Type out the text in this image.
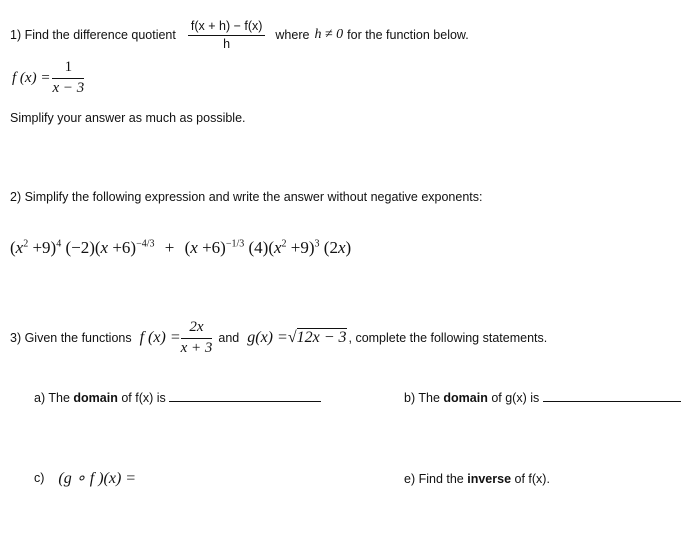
1) Find the difference quotient $\frac{f(x + h) - f(x)}{h}$ where h ≠ 0 for the function below.
f $(x) = \frac{1}{x - 3}$
Simplify your answer as much as possible.
2) Simplify the following expression and write the answer without negative exponents:
$(x^2 +9)^4$ $(-2)(x +6)^{-4/3} + (x +6)^{-1/3}$ $(4)(x^2 +9)^3$ (2x)
3) Given the functions f $(x) = \frac{2x}{x + 3}$ and g(x) = √12x − 3 , complete the following statements.
a) The domain of f(x) is	b) The domain of g(x) is
c) (g ∘ f )(x) =	e) Find the inverse of f(x).
